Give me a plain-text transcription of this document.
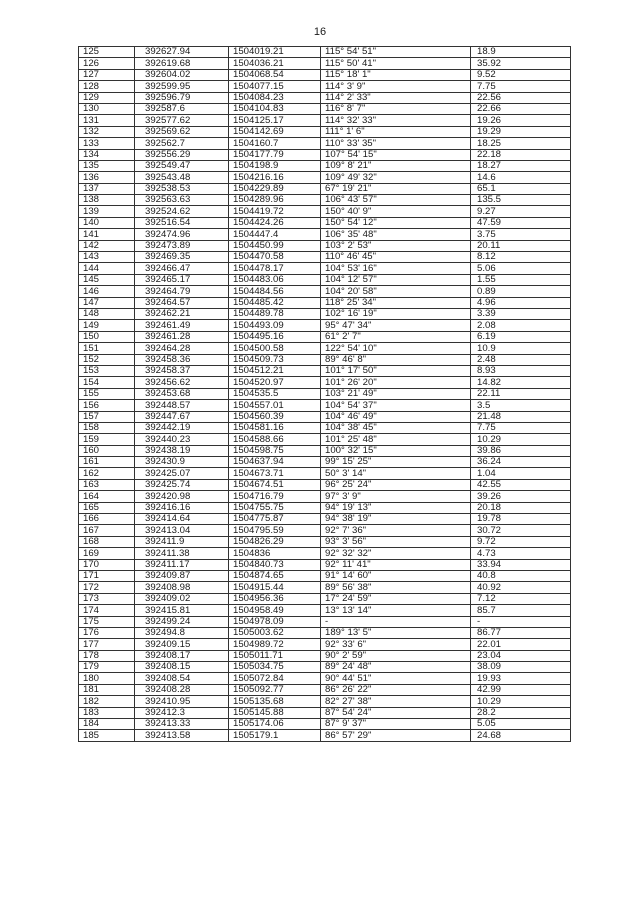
16
125	392627.94	1504019.21	115° 54' 51"	18.9
126	392619.68	1504036.21	115° 50' 41"	35.92
127	392604.02	1504068.54	115° 18' 1"	9.52
128	392599.95	1504077.15	114° 3' 9"	7.75
129	392596.79	1504084.23	114° 2' 33"	22.56
130	392587.6	1504104.83	116° 8' 7"	22.66
131	392577.62	1504125.17	114° 32' 33"	19.26
132	392569.62	1504142.69	111° 1' 6"	19.29
133	392562.7	1504160.7	110° 33' 35"	18.25
134	392556.29	1504177.79	107° 54' 15"	22.18
135	392549.47	1504198.9	109° 8' 21"	18.27
136	392543.48	1504216.16	109° 49' 32"	14.6
137	392538.53	1504229.89	67° 19' 21"	65.1
138	392563.63	1504289.96	106° 43' 57"	135.5
139	392524.62	1504419.72	150° 40' 9"	9.27
140	392516.54	1504424.26	150° 54' 12"	47.59
141	392474.96	1504447.4	106° 35' 48"	3.75
142	392473.89	1504450.99	103° 2' 53"	20.11
143	392469.35	1504470.58	110° 46' 45"	8.12
144	392466.47	1504478.17	104° 53' 16"	5.06
145	392465.17	1504483.06	104° 12' 57"	1.55
146	392464.79	1504484.56	104° 20' 58"	0.89
147	392464.57	1504485.42	118° 25' 34"	4.96
148	392462.21	1504489.78	102° 16' 19"	3.39
149	392461.49	1504493.09	95° 47' 34"	2.08
150	392461.28	1504495.16	61° 2' 7"	6.19
151	392464.28	1504500.58	122° 54' 10"	10.9
152	392458.36	1504509.73	89° 46' 8"	2.48
153	392458.37	1504512.21	101° 17' 50"	8.93
154	392456.62	1504520.97	101° 26' 20"	14.82
155	392453.68	1504535.5	103° 21' 49"	22.11
156	392448.57	1504557.01	104° 54' 37"	3.5
157	392447.67	1504560.39	104° 46' 49"	21.48
158	392442.19	1504581.16	104° 38' 45"	7.75
159	392440.23	1504588.66	101° 25' 48"	10.29
160	392438.19	1504598.75	100° 32' 15"	39.86
161	392430.9	1504637.94	99° 15' 25"	36.24
162	392425.07	1504673.71	50° 3' 14"	1.04
163	392425.74	1504674.51	96° 25' 24"	42.55
164	392420.98	1504716.79	97° 3' 9"	39.26
165	392416.16	1504755.75	94° 19' 13"	20.18
166	392414.64	1504775.87	94° 38' 19"	19.78
167	392413.04	1504795.59	92° 7' 36"	30.72
168	392411.9	1504826.29	93° 3' 56"	9.72
169	392411.38	1504836	92° 32' 32"	4.73
170	392411.17	1504840.73	92° 11' 41"	33.94
171	392409.87	1504874.65	91° 14' 60"	40.8
172	392408.98	1504915.44	89° 56' 38"	40.92
173	392409.02	1504956.36	17° 24' 59"	7.12
174	392415.81	1504958.49	13° 13' 14"	85.7
175	392499.24	1504978.09	-	-
176	392494.8	1505003.62	189° 13' 5"	86.77
177	392409.15	1504989.72	92° 33' 6"	22.01
178	392408.17	1505011.71	90° 2' 59"	23.04
179	392408.15	1505034.75	89° 24' 48"	38.09
180	392408.54	1505072.84	90° 44' 51"	19.93
181	392408.28	1505092.77	86° 26' 22"	42.99
182	392410.95	1505135.68	82° 27' 38"	10.29
183	392412.3	1505145.88	87° 54' 24"	28.2
184	392413.33	1505174.06	87° 9' 37"	5.05
185	392413.58	1505179.1	86° 57' 29"	24.68
